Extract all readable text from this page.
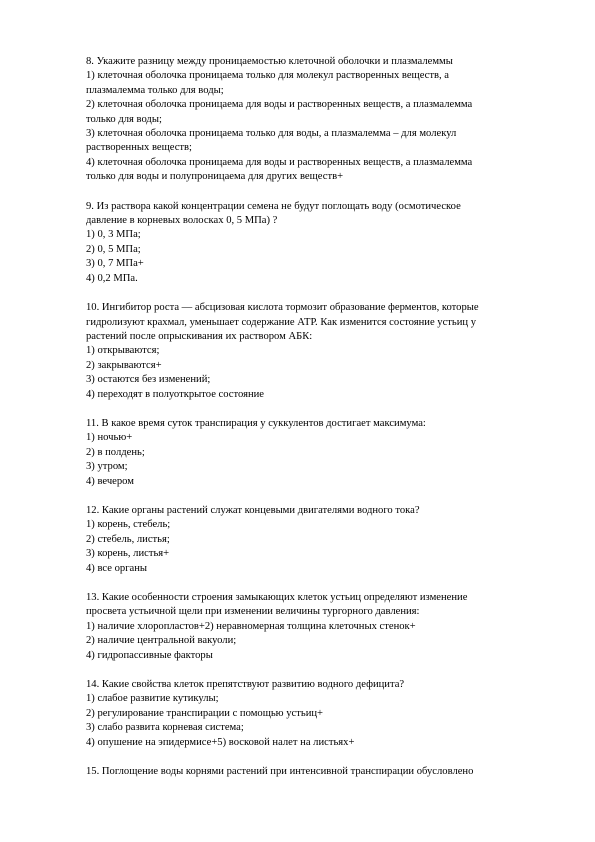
8. Укажите разницу между проницаемостью клеточной оболочки и плазмалеммы
1) клеточная оболочка проницаема только для молекул растворенных веществ, а
плазмалемма только для воды;
2) клеточная оболочка проницаема для воды и растворенных веществ, а плазмалемма
только для воды;
3) клеточная оболочка проницаема только для воды, а плазмалемма – для молекул
растворенных веществ;
4) клеточная оболочка проницаема для воды и растворенных веществ, а плазмалемма
только для воды и полупроницаема для других веществ+
9. Из раствора какой концентрации семена не будут поглощать воду (осмотическое
давление в корневых волосках 0, 5 МПа) ?
1) 0, 3 МПа;
2) 0, 5 МПа;
3) 0, 7 МПа+
4) 0,2 МПа.
10. Ингибитор роста — абсцизовая кислота тормозит образование ферментов, которые
гидролизуют крахмал, уменьшает содержание АТР. Как изменится состояние устьиц у
растений после опрыскивания их раствором АБК:
1) открываются;
2) закрываются+
3) остаются без изменений;
4) переходят в полуоткрытое состояние
11. В какое время суток транспирация у суккулентов достигает максимума:
1) ночью+
2) в полдень;
3) утром;
4) вечером
12. Какие органы растений служат концевыми двигателями водного тока?
1) корень, стебель;
2) стебель, листья;
3) корень, листья+
4) все органы
13. Какие особенности строения замыкающих клеток устьиц определяют изменение
просвета устьичной щели при изменении величины тургорного давления:
1) наличие хлоропластов+2) неравномерная толщина клеточных стенок+
2) наличие центральной вакуоли;
4) гидропассивные факторы
14. Какие свойства клеток препятствуют развитию водного дефицита?
1) слабое развитие кутикулы;
2) регулирование транспирации с помощью устьиц+
3) слабо развита корневая система;
4) опушение на эпидермисе+5) восковой налет на листьях+
15. Поглощение воды корнями растений при интенсивной транспирации обусловлено
